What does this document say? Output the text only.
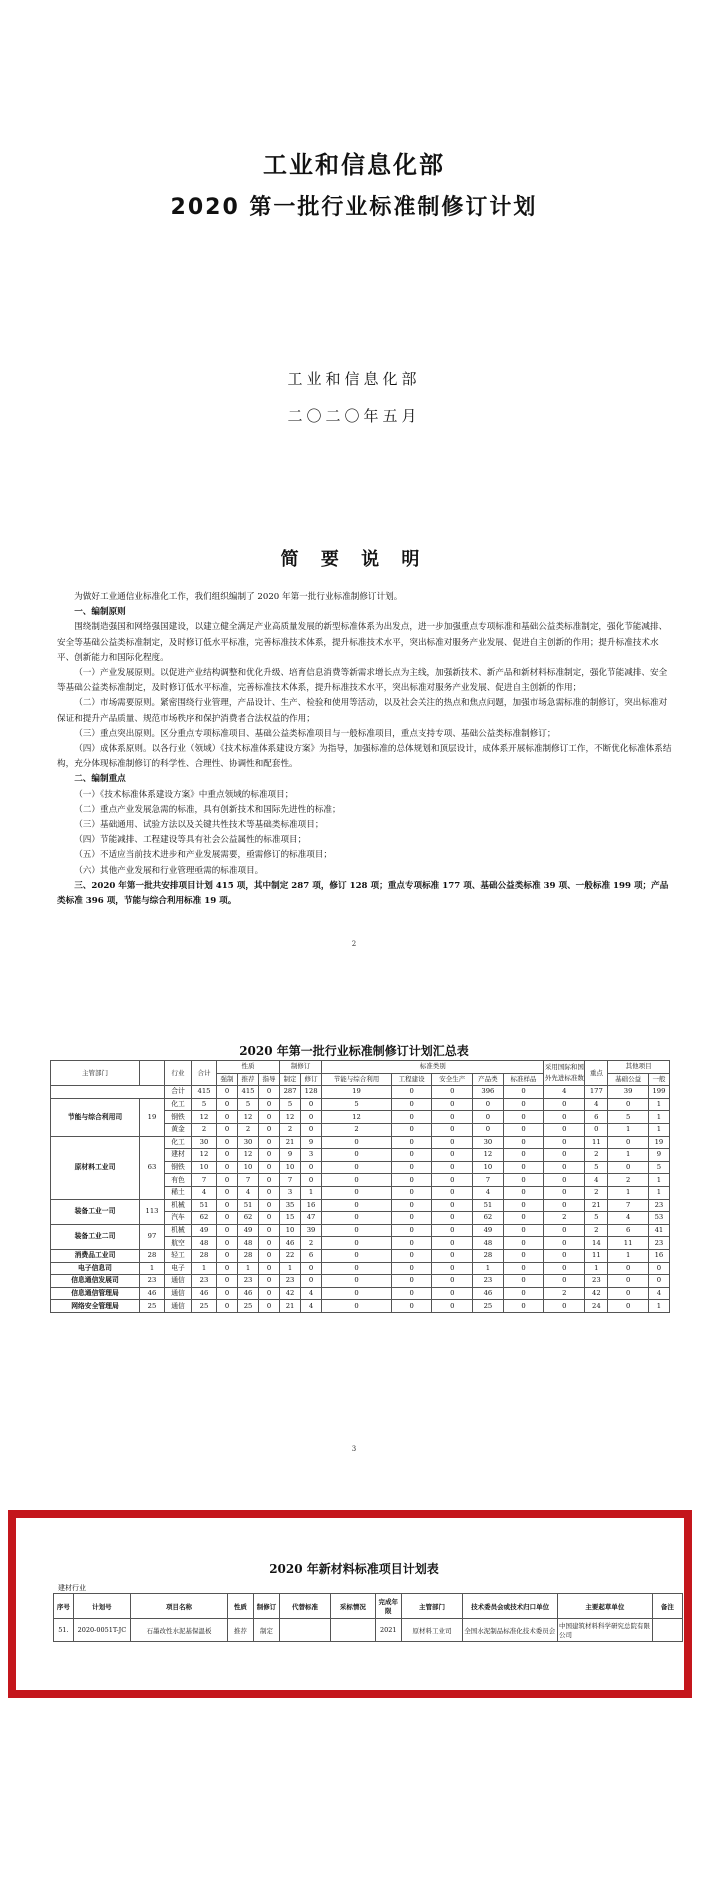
工业和信息化部
2020 第一批行业标准制修订计划
工业和信息化部
二〇二〇年五月
简 要 说 明

为做好工业通信业标准化工作，我们组织编制了 2020 年第一批行业标准制修订计划。

一、编制原则

围绕制造强国和网络强国建设，以建立健全满足产业高质量发展的新型标准体系为出发点，进一步加强重点专项标准和基础公益类标准制定，强化节能减排、安全等基础公益类标准制定，及时修订低水平标准，完善标准技术体系，提升标准技术水平，突出标准对服务产业发展、促进自主创新的作用；提升标准技术水平、创新能力和国际化程度。

（一）产业发展原则。以促进产业结构调整和优化升级、培育信息消费等新需求增长点为主线，加强新技术、新产品和新材料标准制定，强化节能减排、安全等基础公益类标准制定，及时修订低水平标准，完善标准技术体系，提升标准技术水平，突出标准对服务产业发展、促进自主创新的作用；

（二）市场需要原则。紧密围绕行业管理，产品设计、生产、检验和使用等活动，以及社会关注的热点和焦点问题，加强市场急需标准的制修订，突出标准对保证和提升产品质量、规范市场秩序和保护消费者合法权益的作用；

（三）重点突出原则。区分重点专项标准项目、基础公益类标准项目与一般标准项目，重点支持专项、基础公益类标准制修订；

（四）成体系原则。以各行业（领域）《技术标准体系建设方案》为指导，加强标准的总体规划和顶层设计，成体系开展标准制修订工作，不断优化标准体系结构，充分体现标准制修订的科学性、合理性、协调性和配套性。

二、编制重点

（一）《技术标准体系建设方案》中重点领域的标准项目；

（二）重点产业发展急需的标准，具有创新技术和国际先进性的标准；

（三）基础通用、试验方法以及关键共性技术等基础类标准项目；

（四）节能减排、工程建设等具有社会公益属性的标准项目；

（五）不适应当前技术进步和产业发展需要，亟需修订的标准项目；

（六）其他产业发展和行业管理亟需的标准项目。

三、2020 年第一批共安排项目计划 415 项，其中制定 287 项，修订 128 项；重点专项标准 177 项、基础公益类标准 39 项、一般标准 199 项；产品类标准 396 项，节能与综合利用标准 19 项。

2
2020 年第一批行业标准制修订计划汇总表
主管部门		行业	合计	性质			制修订		标准类别					采用国际和国外先进标准数	重点	其他项目	
				强制	推荐	指导	制定	修订	节能与综合利用	工程建设	安全生产	产品类	标准样品			基础公益	一般
		合计	415	0	415	0	287	128	19	0	0	396	0	4	177	39	199
节能与综合利用司	19	化工	5	0	5	0	5	0	5	0	0	0	0	0	4	0	1
		钢铁	12	0	12	0	12	0	12	0	0	0	0	0	6	5	1
		黄金	2	0	2	0	2	0	2	0	0	0	0	0	0	1	1
原材料工业司	63	化工	30	0	30	0	21	9	0	0	0	30	0	0	11	0	19
		建材	12	0	12	0	9	3	0	0	0	12	0	0	2	1	9
		钢铁	10	0	10	0	10	0	0	0	0	10	0	0	5	0	5
		有色	7	0	7	0	7	0	0	0	0	7	0	0	4	2	1
		稀土	4	0	4	0	3	1	0	0	0	4	0	0	2	1	1
装备工业一司	113	机械	51	0	51	0	35	16	0	0	0	51	0	0	21	7	23
		汽车	62	0	62	0	15	47	0	0	0	62	0	2	5	4	53
装备工业二司	97	机械	49	0	49	0	10	39	0	0	0	49	0	0	2	6	41
		航空	48	0	48	0	46	2	0	0	0	48	0	0	14	11	23
消费品工业司	28	轻工	28	0	28	0	22	6	0	0	0	28	0	0	11	1	16
电子信息司	1	电子	1	0	1	0	1	0	0	0	0	1	0	0	1	0	0
信息通信发展司	23	通信	23	0	23	0	23	0	0	0	0	23	0	0	23	0	0
信息通信管理局	46	通信	46	0	46	0	42	4	0	0	0	46	0	2	42	0	4
网络安全管理局	25	通信	25	0	25	0	21	4	0	0	0	25	0	0	24	0	1
3
2020 年新材料标准项目计划表
建材行业
序号	计划号	项目名称	性质	制修订	代替标准	采标情况	完成年限	主管部门	技术委员会或技术归口单位	主要起草单位	备注
51.	2020-0051T-JC	石墨改性水泥基保温板	推荐	制定			2021	原材料工业司	全国水泥制品标准化技术委员会	中国建筑材料科学研究总院有限公司	
